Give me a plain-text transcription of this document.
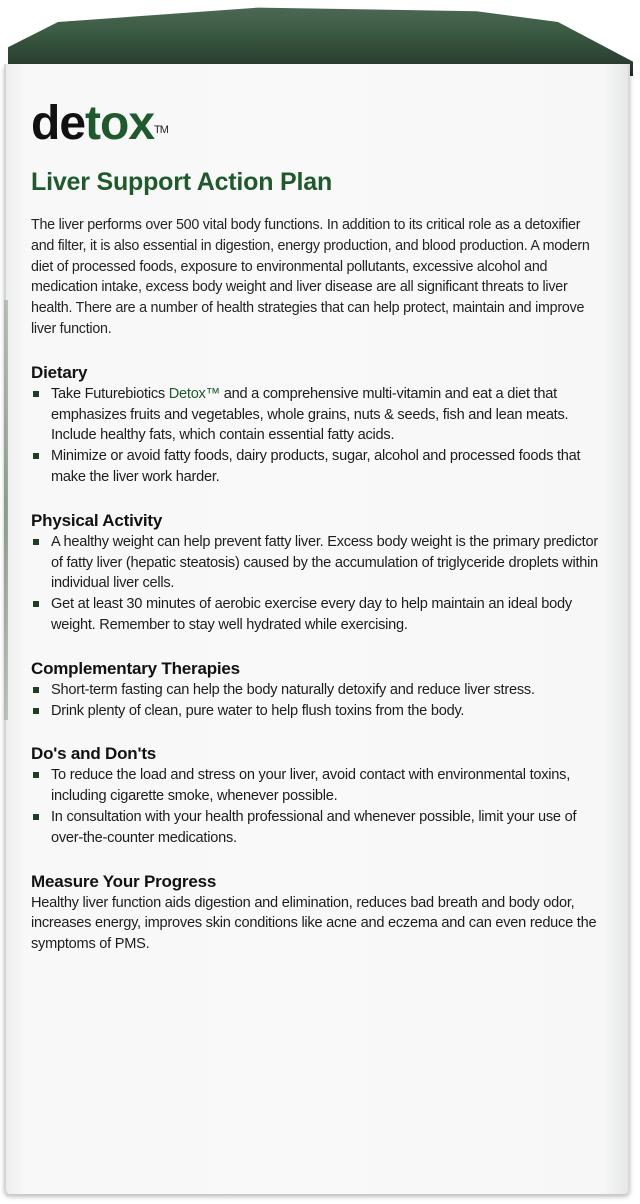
detox™
Liver Support Action Plan
The liver performs over 500 vital body functions. In addition to its critical role as a detoxifier and filter, it is also essential in digestion, energy production, and blood production. A modern diet of processed foods, exposure to environmental pollutants, excessive alcohol and medication intake, excess body weight and liver disease are all significant threats to liver health. There are a number of health strategies that can help protect, maintain and improve liver function.
Dietary
Take Futurebiotics Detox™ and a comprehensive multi-vitamin and eat a diet that emphasizes fruits and vegetables, whole grains, nuts & seeds, fish and lean meats. Include healthy fats, which contain essential fatty acids.
Minimize or avoid fatty foods, dairy products, sugar, alcohol and processed foods that make the liver work harder.
Physical Activity
A healthy weight can help prevent fatty liver. Excess body weight is the primary predictor of fatty liver (hepatic steatosis) caused by the accumulation of triglyceride droplets within individual liver cells.
Get at least 30 minutes of aerobic exercise every day to help maintain an ideal body weight. Remember to stay well hydrated while exercising.
Complementary Therapies
Short-term fasting can help the body naturally detoxify and reduce liver stress.
Drink plenty of clean, pure water to help flush toxins from the body.
Do's and Don'ts
To reduce the load and stress on your liver, avoid contact with environmental toxins, including cigarette smoke, whenever possible.
In consultation with your health professional and whenever possible, limit your use of over-the-counter medications.
Measure Your Progress

Healthy liver function aids digestion and elimination, reduces bad breath and body odor, increases energy, improves skin conditions like acne and eczema and can even reduce the symptoms of PMS.
